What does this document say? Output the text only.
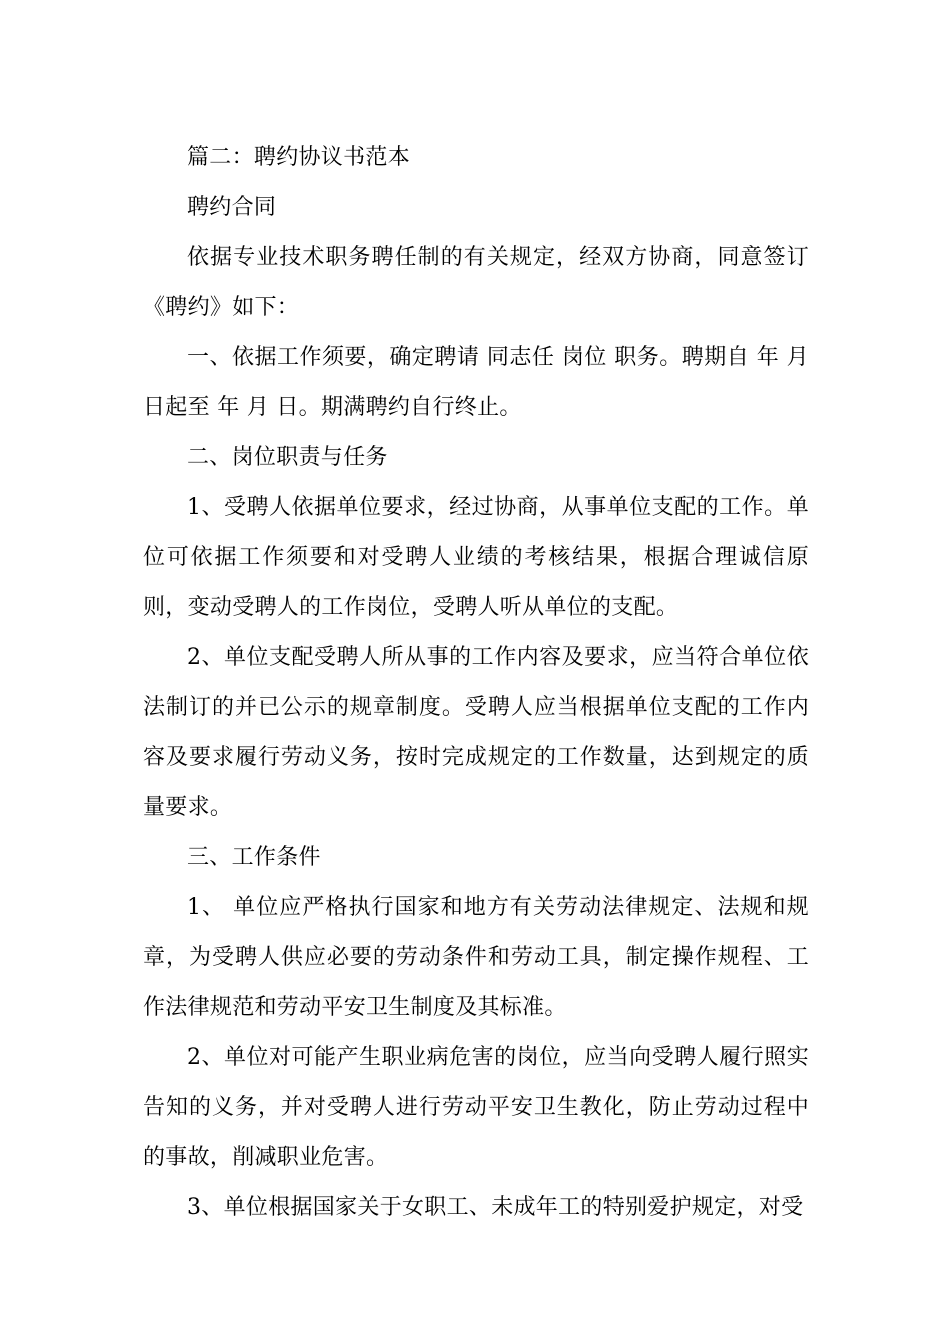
篇二：聘约协议书范本

聘约合同

依据专业技术职务聘任制的有关规定，经双方协商，同意签订《聘约》如下：

一、依据工作须要，确定聘请 同志任 岗位 职务。聘期自 年 月 日起至 年 月 日。期满聘约自行终止。

二、岗位职责与任务

1、受聘人依据单位要求，经过协商，从事单位支配的工作。单位可依据工作须要和对受聘人业绩的考核结果，根据合理诚信原则，变动受聘人的工作岗位，受聘人听从单位的支配。

2、单位支配受聘人所从事的工作内容及要求，应当符合单位依法制订的并已公示的规章制度。受聘人应当根据单位支配的工作内容及要求履行劳动义务，按时完成规定的工作数量，达到规定的质量要求。

三、工作条件

1、 单位应严格执行国家和地方有关劳动法律规定、法规和规章，为受聘人供应必要的劳动条件和劳动工具，制定操作规程、工作法律规范和劳动平安卫生制度及其标准。

2、单位对可能产生职业病危害的岗位，应当向受聘人履行照实告知的义务，并对受聘人进行劳动平安卫生教化，防止劳动过程中的事故，削减职业危害。

3、单位根据国家关于女职工、未成年工的特别爱护规定，对受
